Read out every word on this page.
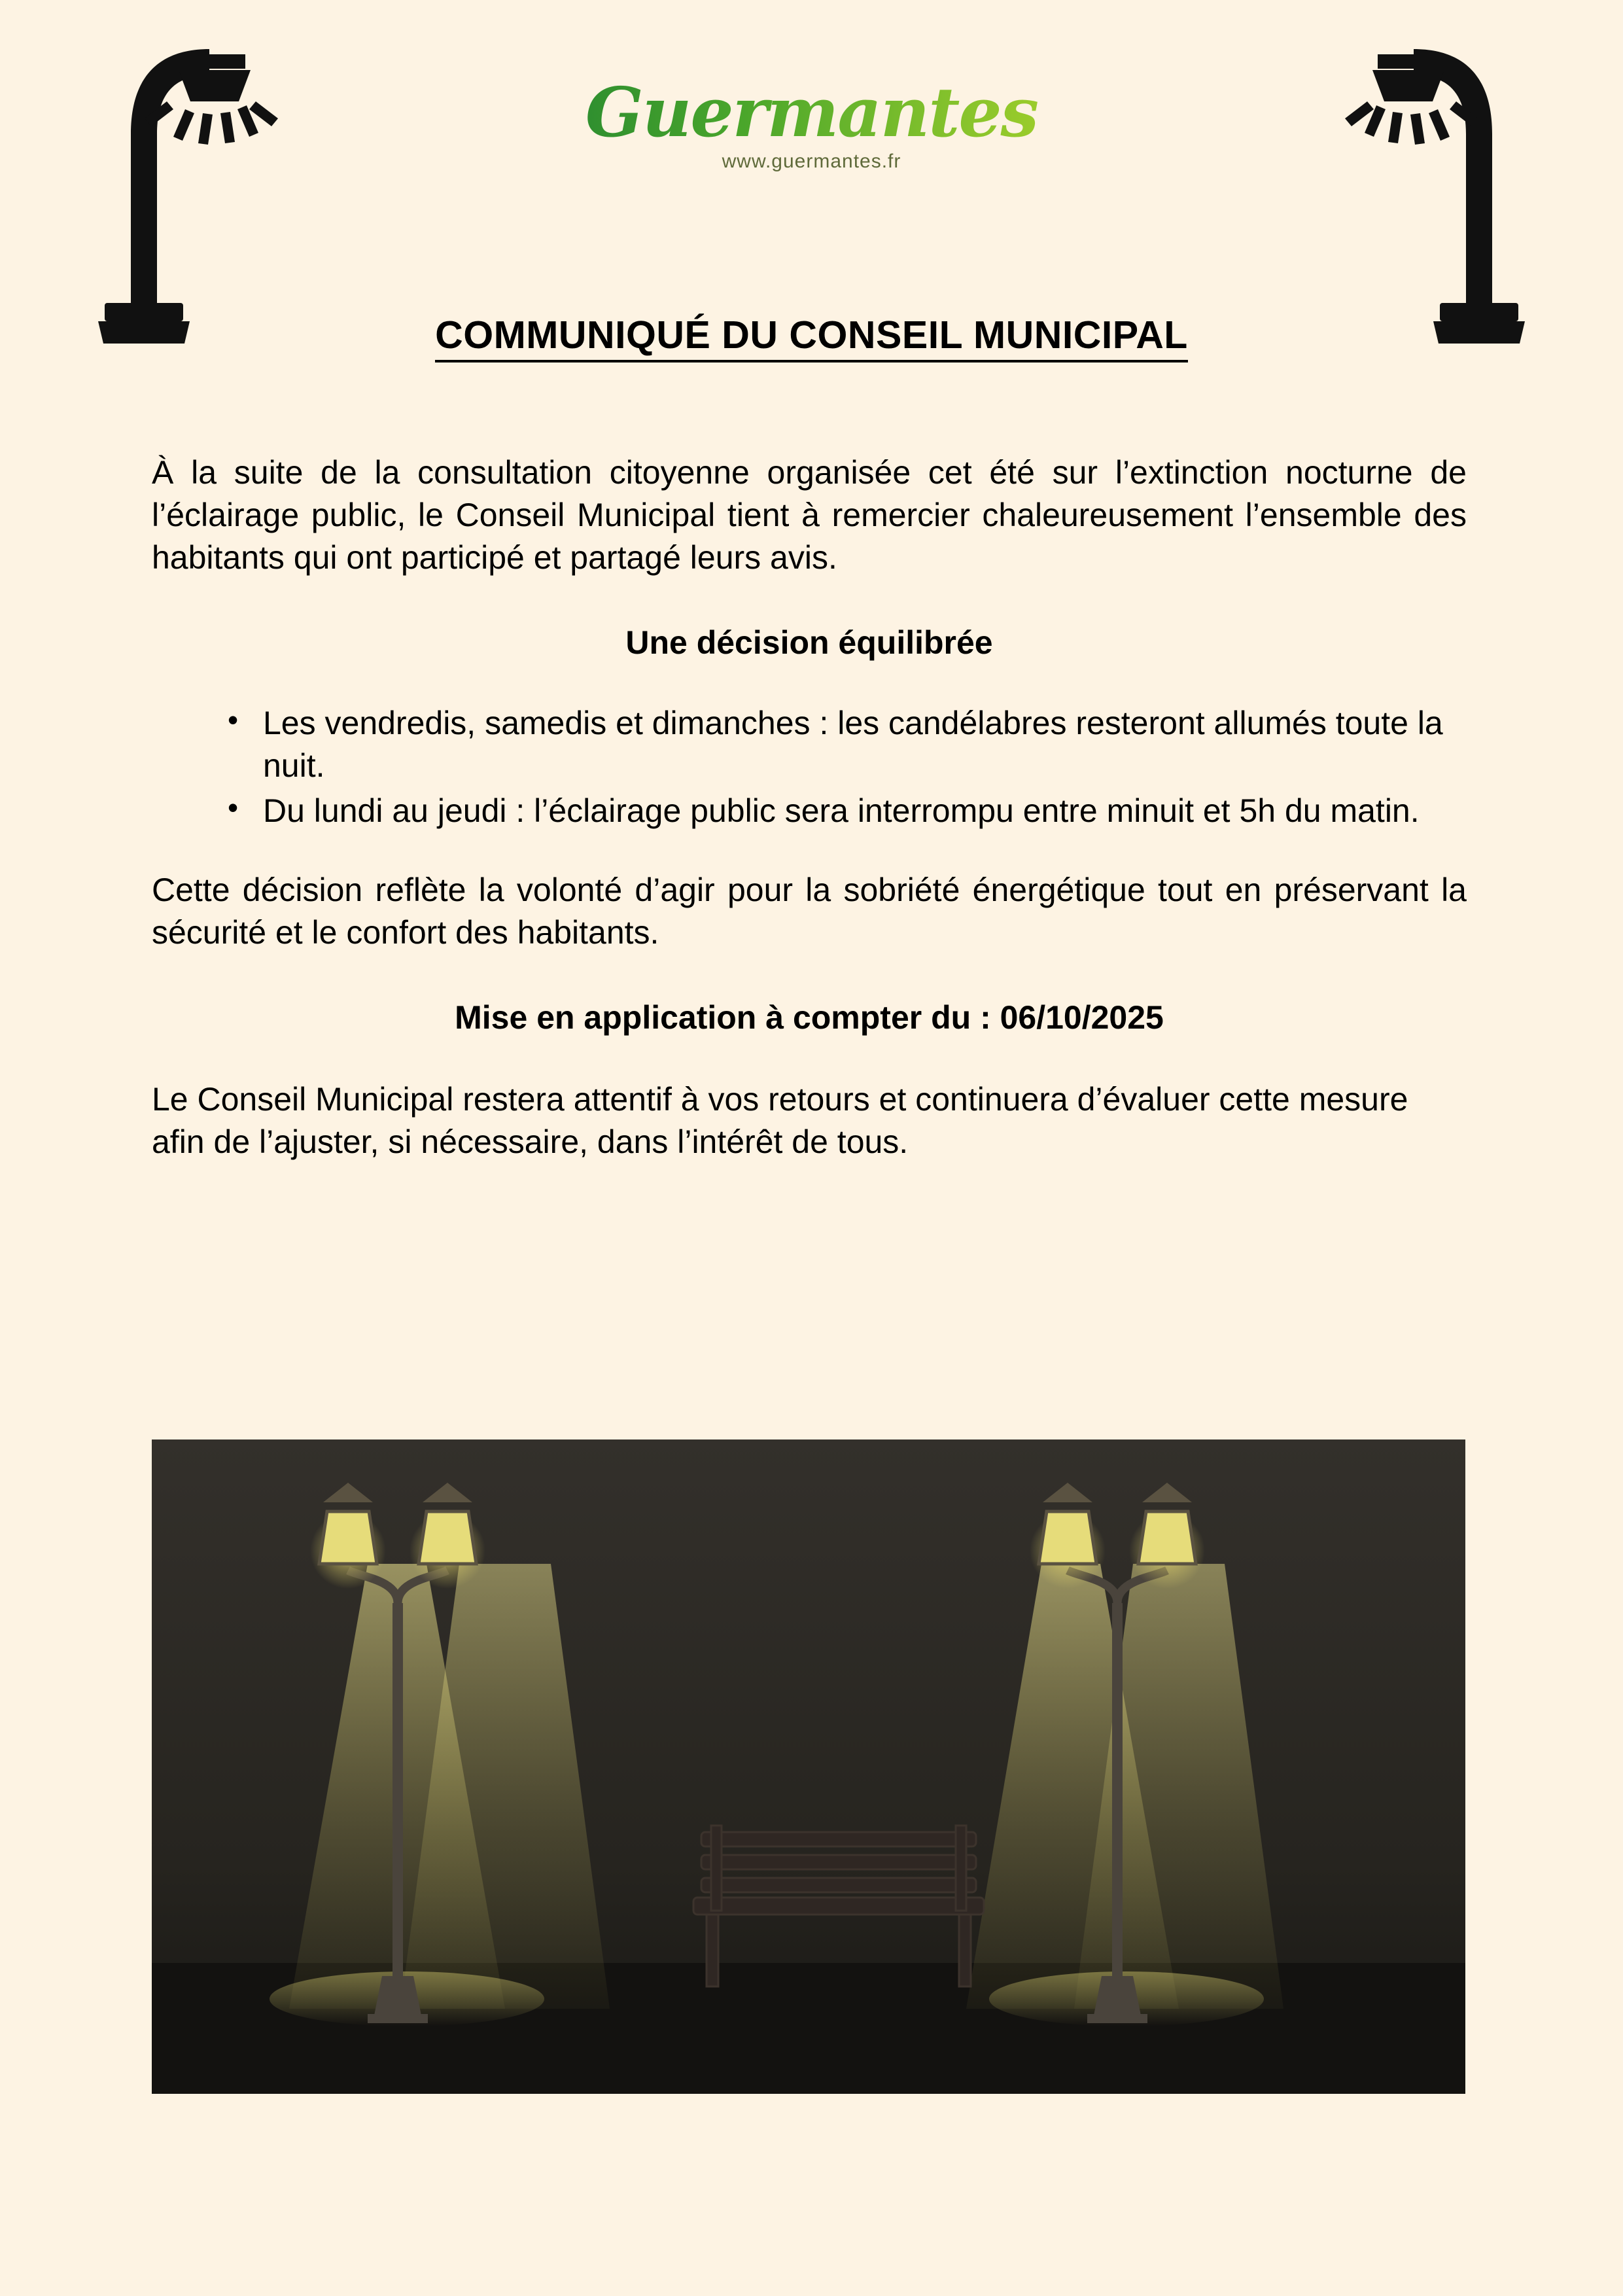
Guermantes
www.guermantes.fr
COMMUNIQUÉ DU CONSEIL MUNICIPAL

À la suite de la consultation citoyenne organisée cet été sur l’extinction nocturne de l’éclairage public, le Conseil Municipal tient à remercier chaleureusement l’ensemble des habitants qui ont participé et partagé leurs avis.

Une décision équilibrée
• Les vendredis, samedis et dimanches : les candélabres resteront allumés toute la nuit.
• Du lundi au jeudi : l’éclairage public sera interrompu entre minuit et 5h du matin.

Cette décision reflète la volonté d’agir pour la sobriété énergétique tout en préservant la sécurité et le confort des habitants.

Mise en application à compter du : 06/10/2025

Le Conseil Municipal restera attentif à vos retours et continuera d’évaluer cette mesure afin de l’ajuster, si nécessaire, dans l’intérêt de tous.
